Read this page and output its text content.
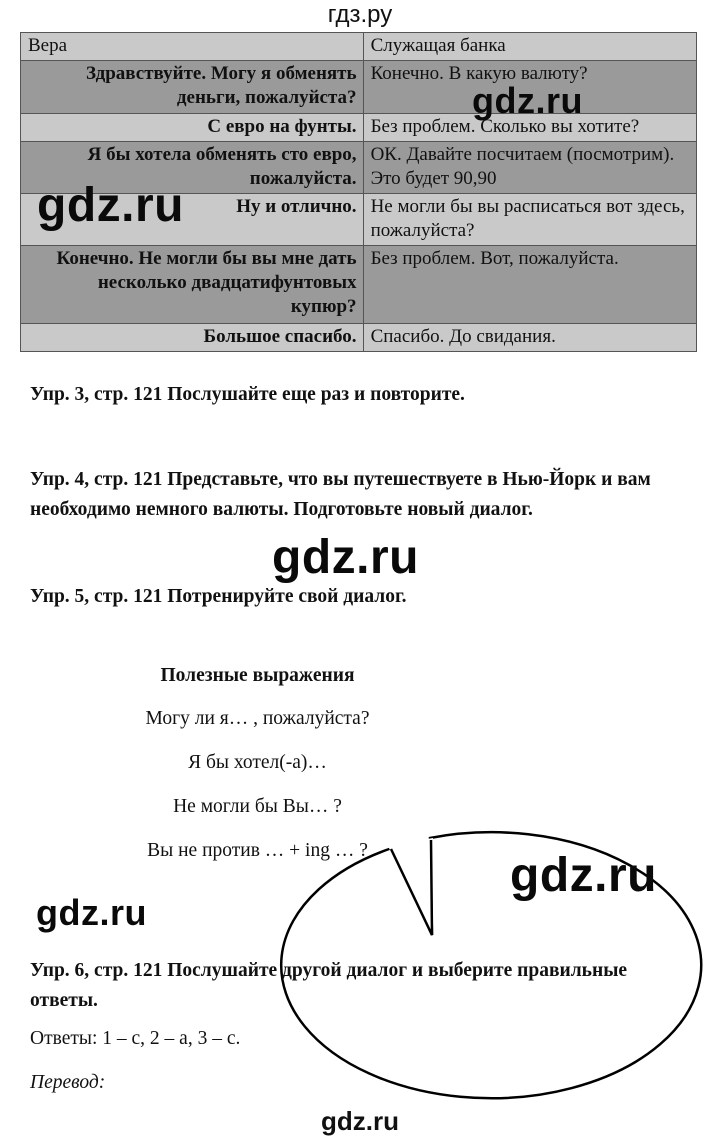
гдз.ру
Вера	Служащая банка
Здравствуйте. Могу я обменять деньги, пожалуйста?	Конечно. В какую валюту?
С евро на фунты.	Без проблем. Сколько вы хотите?
Я бы хотела обменять сто евро, пожалуйста.	ОК. Давайте посчитаем (посмотрим). Это будет 90,90
Ну и отлично.	Не могли бы вы расписаться вот здесь, пожалуйста?
Конечно. Не могли бы вы мне дать несколько двадцатифунтовых купюр?	Без проблем. Вот, пожалуйста.
Большое спасибо.	Спасибо. До свидания.

Упр. 3, стр. 121 Послушайте еще раз и повторите.

Упр. 4, стр. 121 Представьте, что вы путешествуете в Нью-Йорк и вам необходимо немного валюты. Подготовьте новый диалог.

Упр. 5, стр. 121 Потренируйте свой диалог.

Полезные выражения
Могу ли я… , пожалуйста?
Я бы хотел(-а)…
Не могли бы Вы… ?
Вы не против … + ing … ?

Упр. 6, стр. 121 Послушайте другой диалог и выберите правильные ответы.

Ответы: 1 – c, 2 – a, 3 – c.

Перевод:

gdz.ru
gdz.ru
gdz.ru
gdz.ru
gdz.ru
gdz.ru
